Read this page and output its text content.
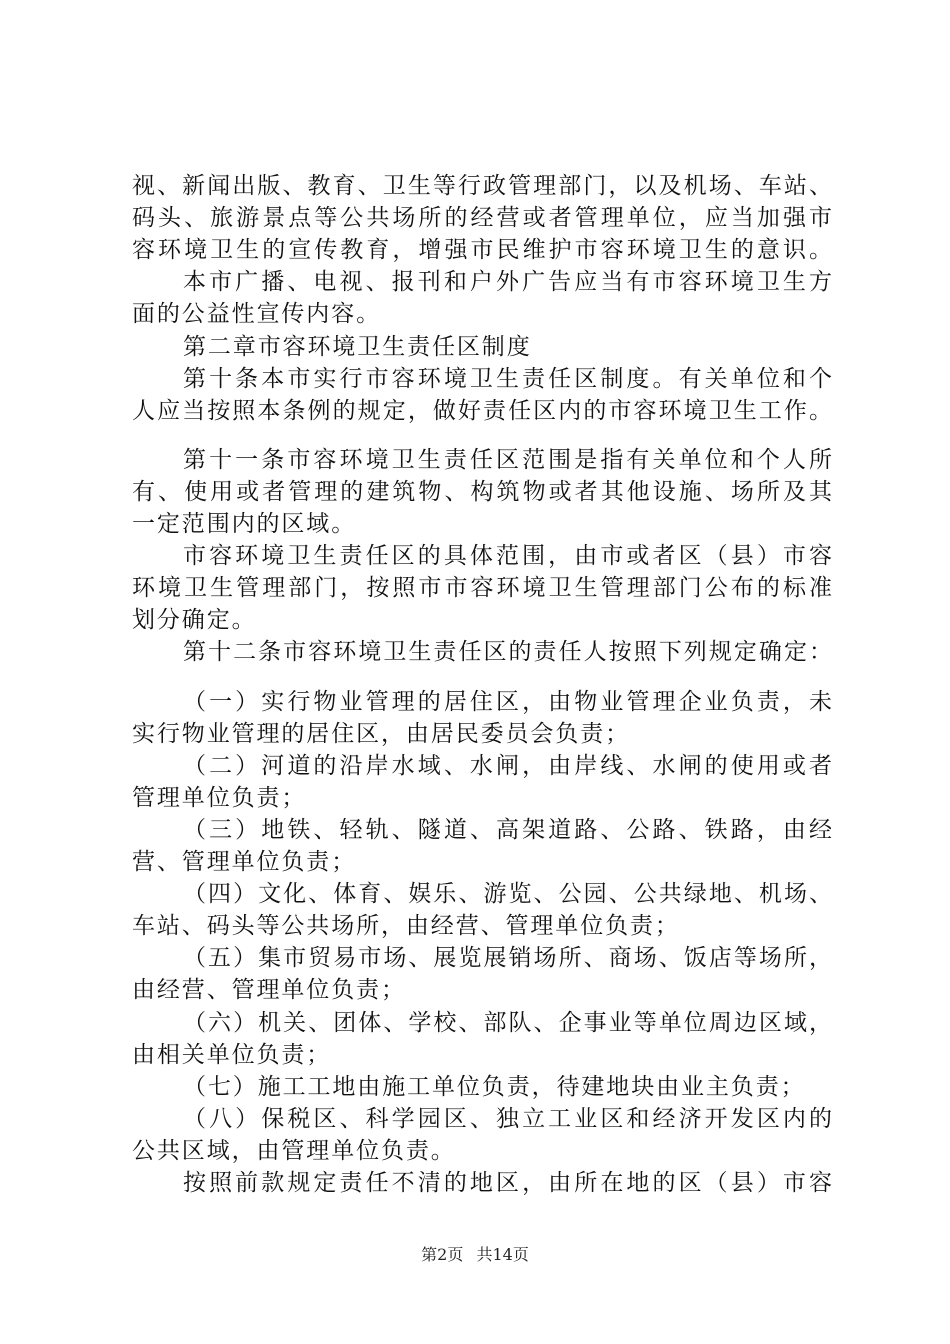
视、新闻出版、教育、卫生等行政管理部门，以及机场、车站、
码头、旅游景点等公共场所的经营或者管理单位，应当加强市
容环境卫生的宣传教育，增强市民维护市容环境卫生的意识。
本市广播、电视、报刊和户外广告应当有市容环境卫生方
面的公益性宣传内容。
第二章市容环境卫生责任区制度
第十条本市实行市容环境卫生责任区制度。有关单位和个
人应当按照本条例的规定，做好责任区内的市容环境卫生工作。
第十一条市容环境卫生责任区范围是指有关单位和个人所
有、使用或者管理的建筑物、构筑物或者其他设施、场所及其
一定范围内的区域。
市容环境卫生责任区的具体范围，由市或者区（县）市容
环境卫生管理部门，按照市市容环境卫生管理部门公布的标准
划分确定。
第十二条市容环境卫生责任区的责任人按照下列规定确定：
（一）实行物业管理的居住区，由物业管理企业负责，未
实行物业管理的居住区，由居民委员会负责；
（二）河道的沿岸水域、水闸，由岸线、水闸的使用或者
管理单位负责；
（三）地铁、轻轨、隧道、高架道路、公路、铁路，由经
营、管理单位负责；
（四）文化、体育、娱乐、游览、公园、公共绿地、机场、
车站、码头等公共场所，由经营、管理单位负责；
（五）集市贸易市场、展览展销场所、商场、饭店等场所，
由经营、管理单位负责；
（六）机关、团体、学校、部队、企事业等单位周边区域，
由相关单位负责；
（七）施工工地由施工单位负责，待建地块由业主负责；
（八）保税区、科学园区、独立工业区和经济开发区内的
公共区域，由管理单位负责。
按照前款规定责任不清的地区，由所在地的区（县）市容
第2页 共14页
